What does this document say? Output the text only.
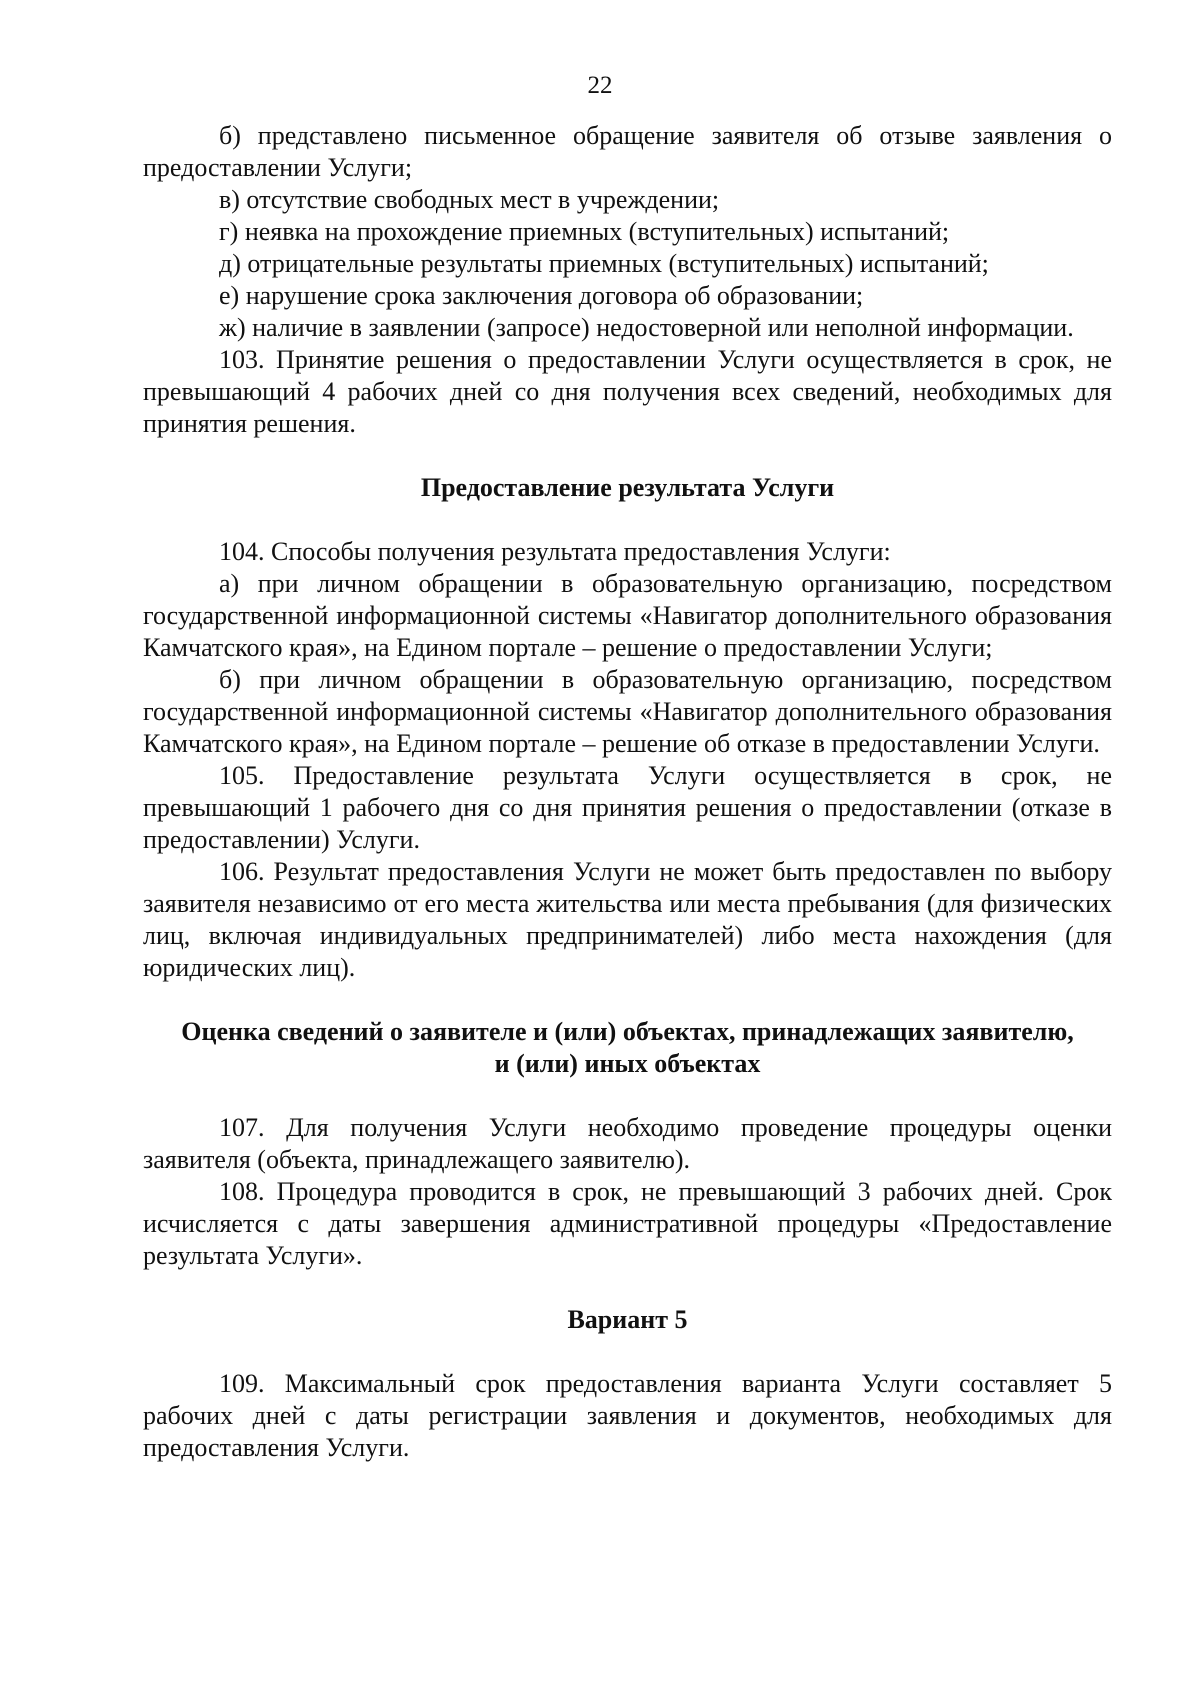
22

б) представлено письменное обращение заявителя об отзыве заявления о предоставлении Услуги;

в) отсутствие свободных мест в учреждении;

г) неявка на прохождение приемных (вступительных) испытаний;

д) отрицательные результаты приемных (вступительных) испытаний;

е) нарушение срока заключения договора об образовании;

ж) наличие в заявлении (запросе) недостоверной или неполной информации.

103. Принятие решения о предоставлении Услуги осуществляется в срок, не превышающий 4 рабочих дней со дня получения всех сведений, необходимых для принятия решения.

Предоставление результата Услуги

104. Способы получения результата предоставления Услуги:

а) при личном обращении в образовательную организацию, посредством государственной информационной системы «Навигатор дополнительного образования Камчатского края», на Едином портале – решение о предоставлении Услуги;

б) при личном обращении в образовательную организацию, посредством государственной информационной системы «Навигатор дополнительного образования Камчатского края», на Едином портале – решение об отказе в предоставлении Услуги.

105. Предоставление результата Услуги осуществляется в срок, не превышающий 1 рабочего дня со дня принятия решения о предоставлении (отказе в предоставлении) Услуги.

106. Результат предоставления Услуги не может быть предоставлен по выбору заявителя независимо от его места жительства или места пребывания (для физических лиц, включая индивидуальных предпринимателей) либо места нахождения (для юридических лиц).

Оценка сведений о заявителе и (или) объектах, принадлежащих заявителю,

и (или) иных объектах

107. Для получения Услуги необходимо проведение процедуры оценки заявителя (объекта, принадлежащего заявителю).

108. Процедура проводится в срок, не превышающий 3 рабочих дней. Срок исчисляется с даты завершения административной процедуры «Предоставление результата Услуги».

Вариант 5

109. Максимальный срок предоставления варианта Услуги составляет 5 рабочих дней с даты регистрации заявления и документов, необходимых для предоставления Услуги.
